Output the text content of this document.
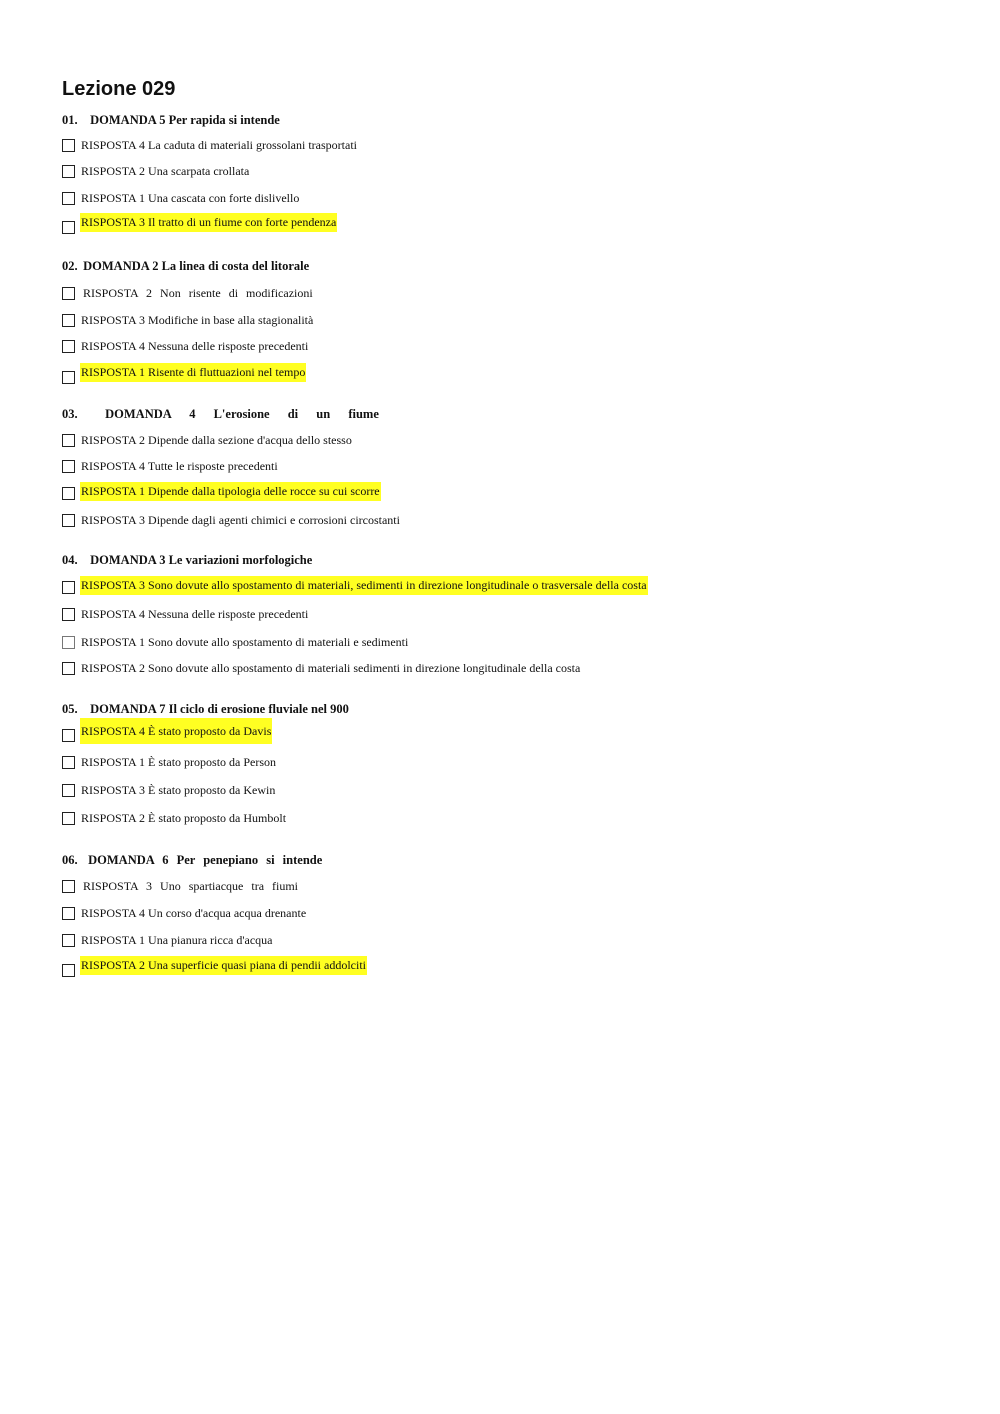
Lezione 029
01. DOMANDA 5 Per rapida si intende
RISPOSTA 4 La caduta di materiali grossolani trasportati
RISPOSTA 2 Una scarpata crollata
RISPOSTA 1 Una cascata con forte dislivello
RISPOSTA 3 Il tratto di un fiume con forte pendenza
02. DOMANDA 2 La linea di costa del litorale
RISPOSTA 2 Non risente di modificazioni
RISPOSTA 3 Modifiche in base alla stagionalità
RISPOSTA 4 Nessuna delle risposte precedenti
RISPOSTA 1 Risente di fluttuazioni nel tempo
03. DOMANDA 4 L'erosione di un fiume
RISPOSTA 2 Dipende dalla sezione d'acqua dello stesso
RISPOSTA 4 Tutte le risposte precedenti
RISPOSTA 1 Dipende dalla tipologia delle rocce su cui scorre
RISPOSTA 3 Dipende dagli agenti chimici e corrosioni circostanti
04. DOMANDA 3 Le variazioni morfologiche
RISPOSTA 3 Sono dovute allo spostamento di materiali, sedimenti in direzione longitudinale o trasversale della costa
RISPOSTA 4 Nessuna delle risposte precedenti
RISPOSTA 1 Sono dovute allo spostamento di materiali e sedimenti
RISPOSTA 2 Sono dovute allo spostamento di materiali sedimenti in direzione longitudinale della costa
05. DOMANDA 7 Il ciclo di erosione fluviale nel 900
RISPOSTA 4 È stato proposto da Davis
RISPOSTA 1 È stato proposto da Person
RISPOSTA 3 È stato proposto da Kewin
RISPOSTA 2 È stato proposto da Humbolt
06. DOMANDA 6 Per penepiano si intende
RISPOSTA 3 Uno spartiacque tra fiumi
RISPOSTA 4 Un corso d'acqua acqua drenante
RISPOSTA 1 Una pianura ricca d'acqua
RISPOSTA 2 Una superficie quasi piana di pendii addolciti
